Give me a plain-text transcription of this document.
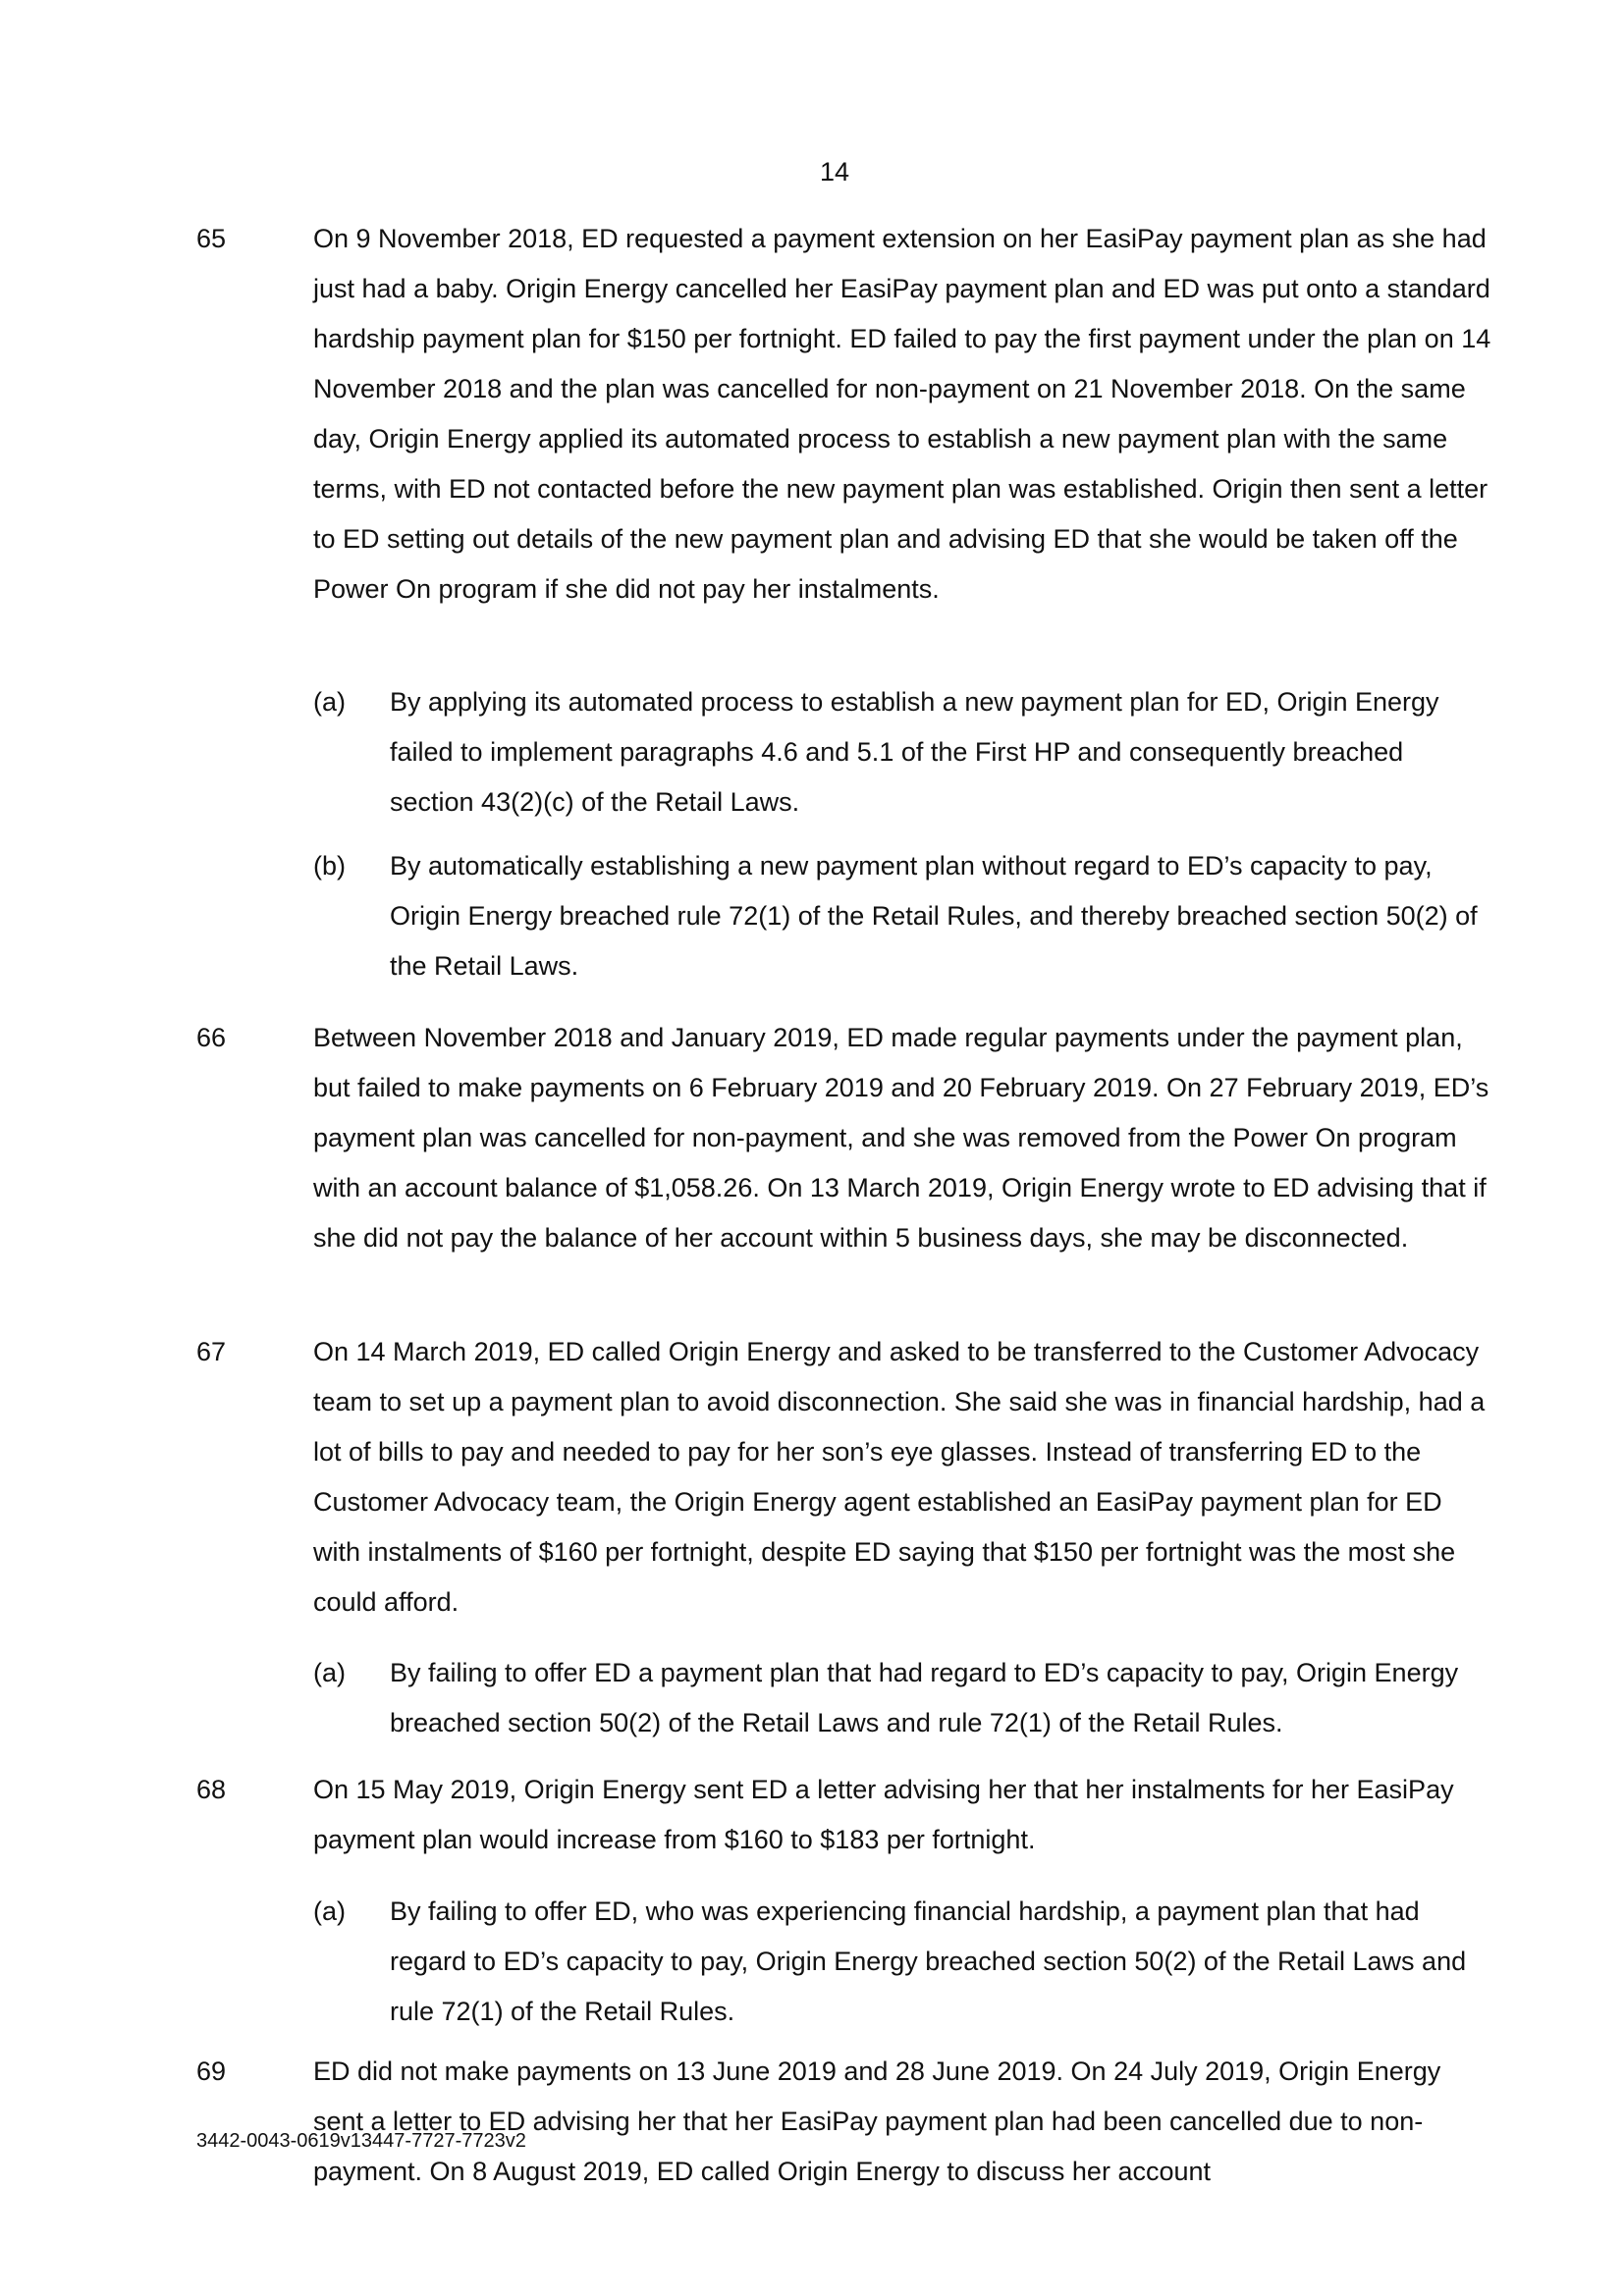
14
65	On 9 November 2018, ED requested a payment extension on her EasiPay payment plan as she had just had a baby. Origin Energy cancelled her EasiPay payment plan and ED was put onto a standard hardship payment plan for $150 per fortnight. ED failed to pay the first payment under the plan on 14 November 2018 and the plan was cancelled for non-payment on 21 November 2018. On the same day, Origin Energy applied its automated process to establish a new payment plan with the same terms, with ED not contacted before the new payment plan was established. Origin then sent a letter to ED setting out details of the new payment plan and advising ED that she would be taken off the Power On program if she did not pay her instalments.
(a) By applying its automated process to establish a new payment plan for ED, Origin Energy failed to implement paragraphs 4.6 and 5.1 of the First HP and consequently breached section 43(2)(c) of the Retail Laws.
(b) By automatically establishing a new payment plan without regard to ED’s capacity to pay, Origin Energy breached rule 72(1) of the Retail Rules, and thereby breached section 50(2) of the Retail Laws.
66	Between November 2018 and January 2019, ED made regular payments under the payment plan, but failed to make payments on 6 February 2019 and 20 February 2019. On 27 February 2019, ED’s payment plan was cancelled for non-payment, and she was removed from the Power On program with an account balance of $1,058.26. On 13 March 2019, Origin Energy wrote to ED advising that if she did not pay the balance of her account within 5 business days, she may be disconnected.
67	On 14 March 2019, ED called Origin Energy and asked to be transferred to the Customer Advocacy team to set up a payment plan to avoid disconnection. She said she was in financial hardship, had a lot of bills to pay and needed to pay for her son’s eye glasses. Instead of transferring ED to the Customer Advocacy team, the Origin Energy agent established an EasiPay payment plan for ED with instalments of $160 per fortnight, despite ED saying that $150 per fortnight was the most she could afford.
(a) By failing to offer ED a payment plan that had regard to ED’s capacity to pay, Origin Energy breached section 50(2) of the Retail Laws and rule 72(1) of the Retail Rules.
68	On 15 May 2019, Origin Energy sent ED a letter advising her that her instalments for her EasiPay payment plan would increase from $160 to $183 per fortnight.
(a) By failing to offer ED, who was experiencing financial hardship, a payment plan that had regard to ED’s capacity to pay, Origin Energy breached section 50(2) of the Retail Laws and rule 72(1) of the Retail Rules.
69	ED did not make payments on 13 June 2019 and 28 June 2019. On 24 July 2019, Origin Energy sent a letter to ED advising her that her EasiPay payment plan had been cancelled due to non-payment. On 8 August 2019, ED called Origin Energy to discuss her account
3442-0043-0619v13447-7727-7723v2
